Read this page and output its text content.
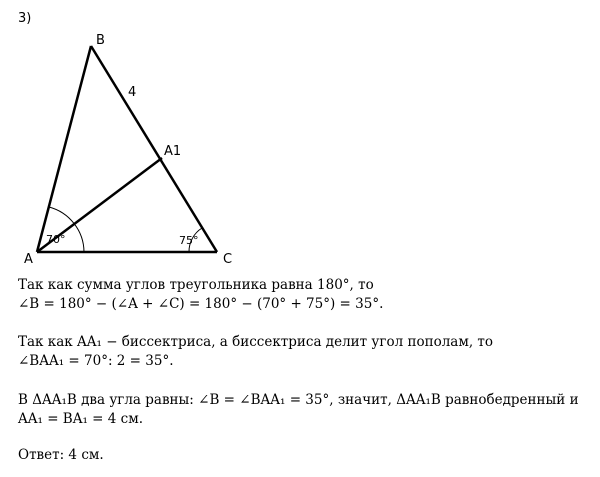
3)
B
4
A1
A	C
70°	75°
Так как сумма углов треугольника равна 180°, то
∠B = 180° − (∠A + ∠C) = 180° − (70° + 75°) = 35°.
Так как AA₁ − биссектриса, а биссектриса делит угол пополам, то
∠BAA₁ = 70°: 2 = 35°.
В ΔAA₁B два угла равны: ∠B = ∠BAA₁ = 35°, значит, ΔAA₁B равнобедренный и
AA₁ = BA₁ = 4 см.
Ответ: 4 см.
